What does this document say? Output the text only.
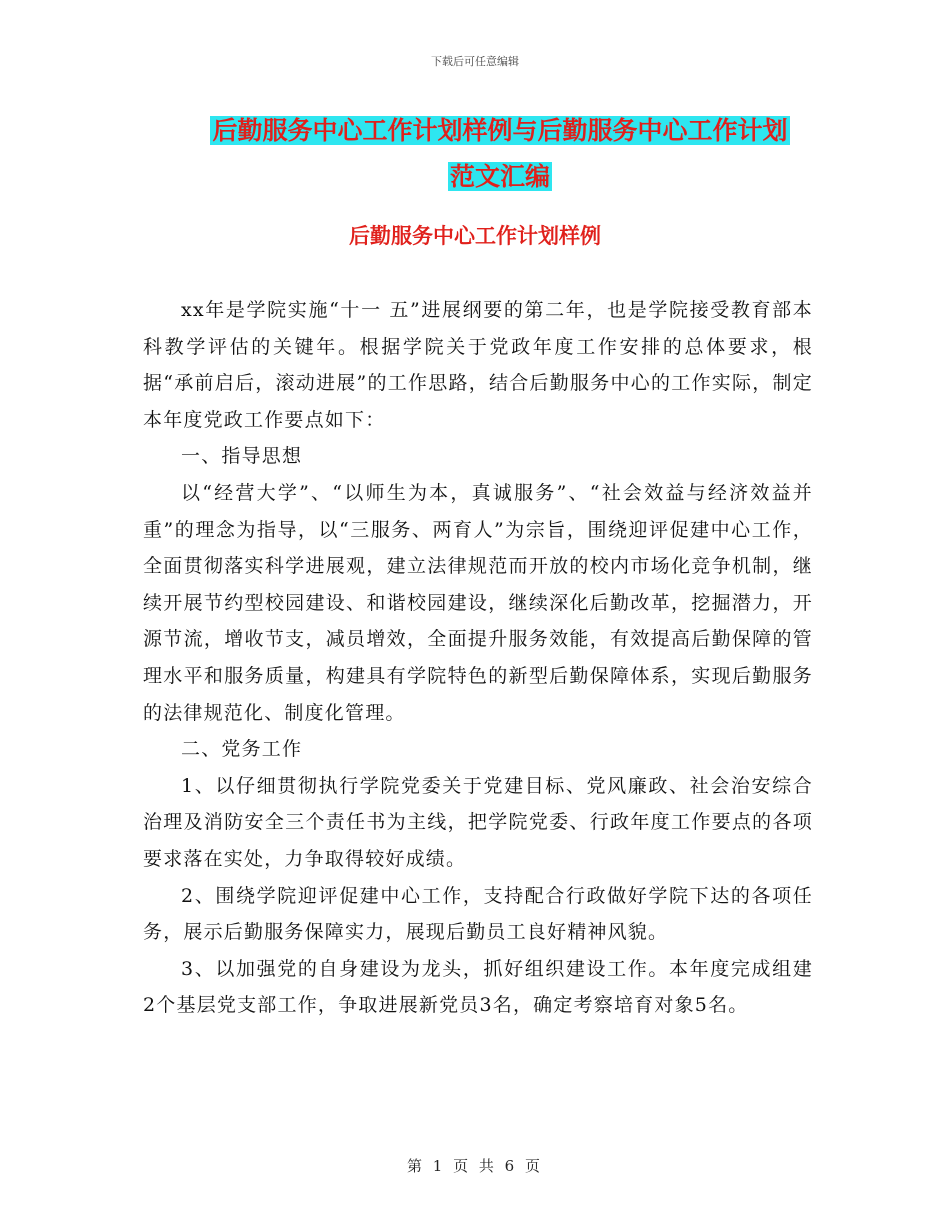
下载后可任意编辑
后勤服务中心工作计划样例与后勤服务中心工作计划
范文汇编
后勤服务中心工作计划样例

xx年是学院实施“十一 五”进展纲要的第二年，也是学院接受教育部本科教学评估的关键年。根据学院关于党政年度工作安排的总体要求，根据“承前启后，滚动进展”的工作思路，结合后勤服务中心的工作实际，制定本年度党政工作要点如下：

一、指导思想

以“经营大学”、“以师生为本，真诚服务”、“社会效益与经济效益并重”的理念为指导，以“三服务、两育人”为宗旨，围绕迎评促建中心工作，全面贯彻落实科学进展观，建立法律规范而开放的校内市场化竞争机制，继续开展节约型校园建设、和谐校园建设，继续深化后勤改革，挖掘潜力，开源节流，增收节支，减员增效，全面提升服务效能，有效提高后勤保障的管理水平和服务质量，构建具有学院特色的新型后勤保障体系，实现后勤服务的法律规范化、制度化管理。

二、党务工作

1、以仔细贯彻执行学院党委关于党建目标、党风廉政、社会治安综合治理及消防安全三个责任书为主线，把学院党委、行政年度工作要点的各项要求落在实处，力争取得较好成绩。

2、围绕学院迎评促建中心工作，支持配合行政做好学院下达的各项任务，展示后勤服务保障实力，展现后勤员工良好精神风貌。

3、以加强党的自身建设为龙头，抓好组织建设工作。本年度完成组建2个基层党支部工作，争取进展新党员3名，确定考察培育对象5名。

第 1 页 共 6 页
